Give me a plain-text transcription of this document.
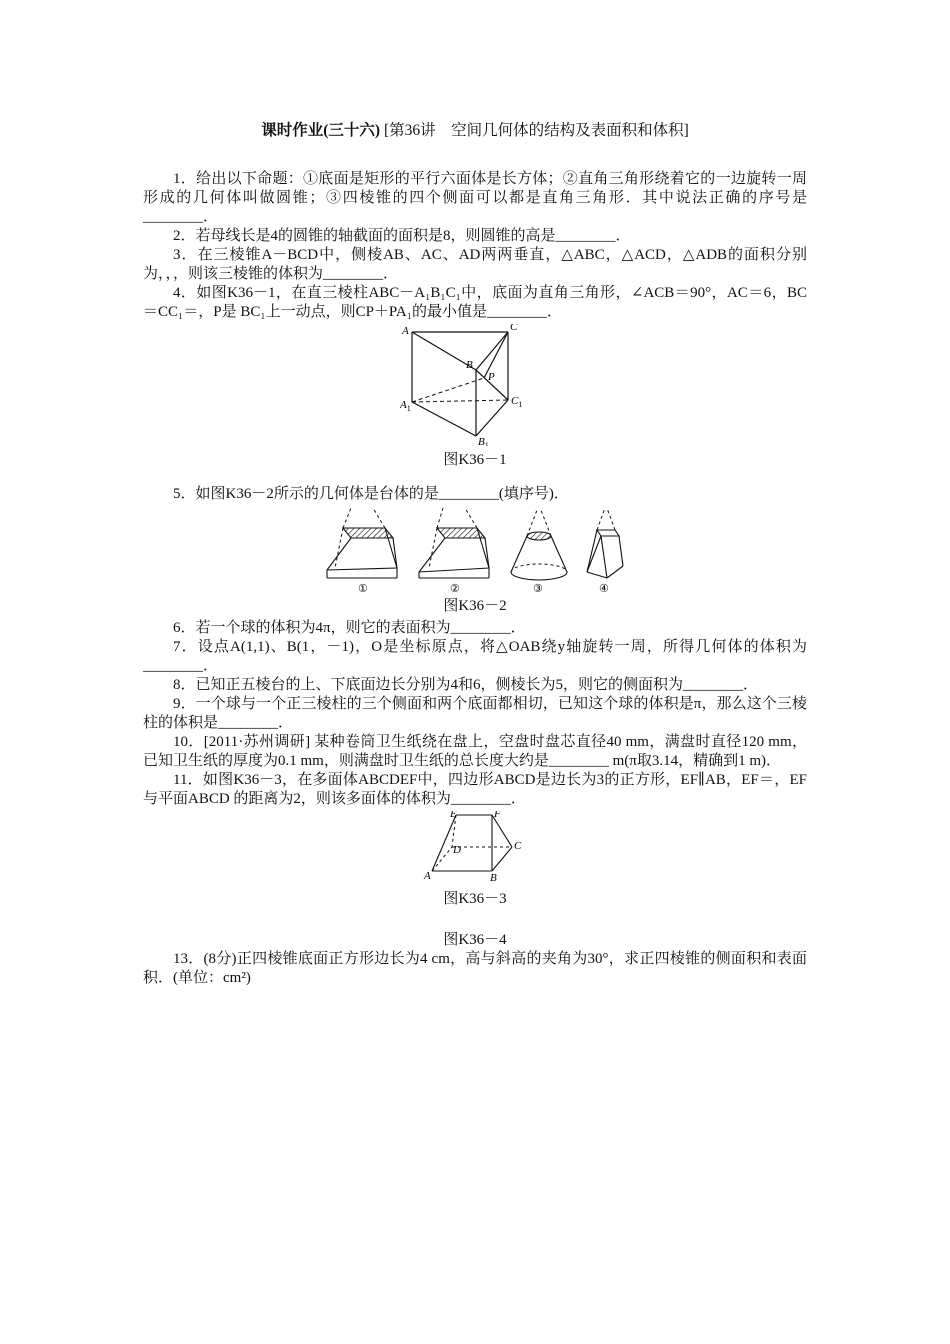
课时作业(三十六) [第36讲　空间几何体的结构及表面积和体积]

1．给出以下命题：①底面是矩形的平行六面体是长方体；②直角三角形绕着它的一边旋转一周形成的几何体叫做圆锥；③四棱锥的四个侧面可以都是直角三角形．其中说法正确的序号是________．

2．若母线长是4的圆锥的轴截面的面积是8，则圆锥的高是________．

3．在三棱锥A－BCD中，侧棱AB、AC、AD两两垂直，△ABC，△ACD，△ADB的面积分别为，，，则该三棱锥的体积为________．

4．如图K36－1，在直三棱柱ABC－A₁B₁C₁中，底面为直角三角形，∠ACB＝90°，AC＝6，BC＝CC₁＝，P是 BC₁上一动点，则CP＋PA₁的最小值是________．

A	C
B
P
$A_1$
$C_1$
$B_1$

图K36－1

5．如图K36－2所示的几何体是台体的是________(填序号)．

①	②	③	④

图K36－2

6．若一个球的体积为4π，则它的表面积为________．

7．设点A(1,1)、B(1，－1)，O是坐标原点，将△OAB绕y轴旋转一周，所得几何体的体积为________．

8．已知正五棱台的上、下底面边长分别为4和6，侧棱长为5，则它的侧面积为________．

9．一个球与一个正三棱柱的三个侧面和两个底面都相切，已知这个球的体积是π，那么这个三棱柱的体积是________．

10．[2011·苏州调研] 某种卷筒卫生纸绕在盘上，空盘时盘芯直径40 mm，满盘时直径120 mm，已知卫生纸的厚度为0.1 mm，则满盘时卫生纸的总长度大约是________ m(π取3.14，精确到1 m)．

11．如图K36－3，在多面体ABCDEF中，四边形ABCD是边长为3的正方形，EF∥AB，EF＝，EF与平面ABCD 的距离为2，则该多面体的体积为________．

E	F
D	C
A	B

图K36－3

图K36－4

13．(8分)正四棱锥底面正方形边长为4 cm，高与斜高的夹角为30°，求正四棱锥的侧面积和表面积．(单位：cm²)
